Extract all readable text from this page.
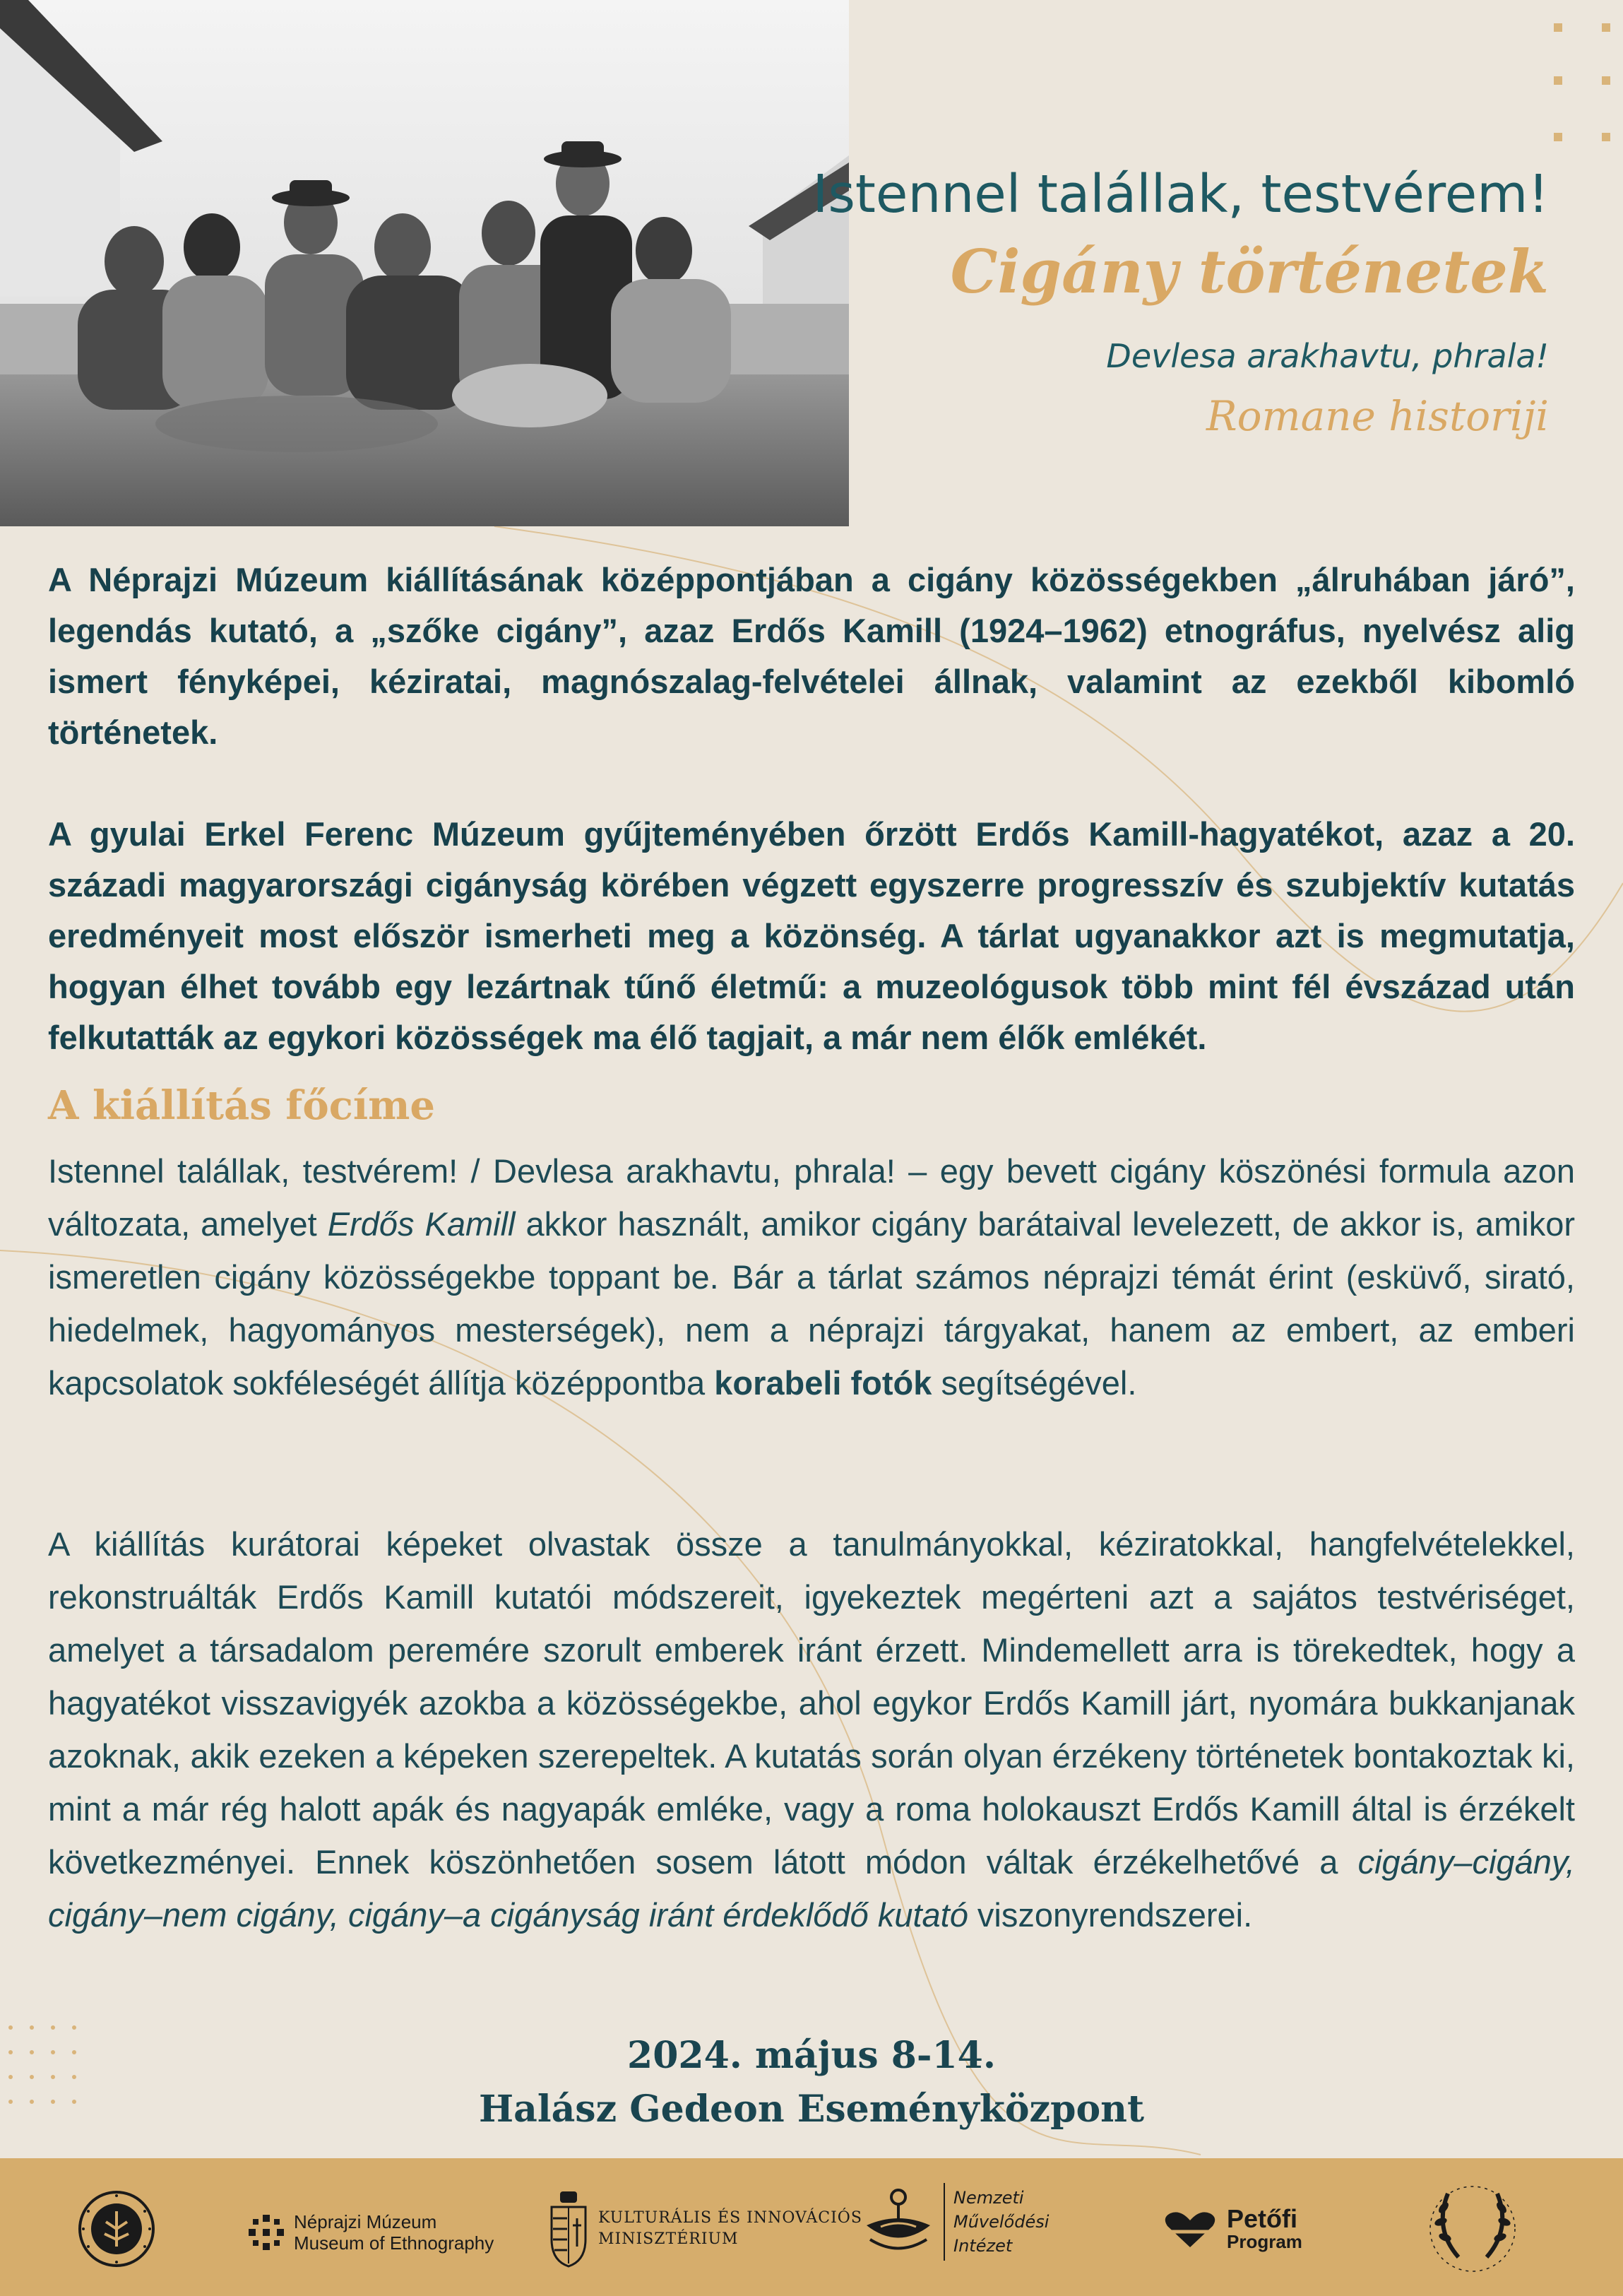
Istennel talállak, testvérem!
Cigány történetek
Devlesa arakhavtu, phrala!
Romane historiji

A Néprajzi Múzeum kiállításának középpontjában a cigány közösségekben „álruhában járó”, legendás kutató, a „szőke cigány”, azaz Erdős Kamill (1924–1962) etnográfus, nyelvész alig ismert fényképei, kéziratai, magnószalag-felvételei állnak, valamint az ezekből kibomló történetek.

A gyulai Erkel Ferenc Múzeum gyűjteményében őrzött Erdős Kamill-hagyatékot, azaz a 20. századi magyarországi cigányság körében végzett egyszerre progresszív és szubjektív kutatás eredményeit most először ismerheti meg a közönség. A tárlat ugyanakkor azt is megmutatja, hogyan élhet tovább egy lezártnak tűnő életmű: a muzeológusok több mint fél évszázad után felkutatták az egykori közösségek ma élő tagjait, a már nem élők emlékét.

A kiállítás főcíme

Istennel talállak, testvérem! / Devlesa arakhavtu, phrala! – egy bevett cigány köszönési formula azon változata, amelyet Erdős Kamill akkor használt, amikor cigány barátaival levelezett, de akkor is, amikor ismeretlen cigány közösségekbe toppant be. Bár a tárlat számos néprajzi témát érint (esküvő, sirató, hiedelmek, hagyományos mesterségek), nem a néprajzi tárgyakat, hanem az embert, az emberi kapcsolatok sokféleségét állítja középpontba korabeli fotók segítségével.

A kiállítás kurátorai képeket olvastak össze a tanulmányokkal, kéziratokkal, hangfelvételekkel, rekonstruálták Erdős Kamill kutatói módszereit, igyekeztek megérteni azt a sajátos testvériséget, amelyet a társadalom peremére szorult emberek iránt érzett. Mindemellett arra is törekedtek, hogy a hagyatékot visszavigyék azokba a közösségekbe, ahol egykor Erdős Kamill járt, nyomára bukkanjanak azoknak, akik ezeken a képeken szerepeltek. A kutatás során olyan érzékeny történetek bontakoztak ki, mint a már rég halott apák és nagyapák emléke, vagy a roma holokauszt Erdős Kamill által is érzékelt következményei. Ennek köszönhetően sosem látott módon váltak érzékelhetővé a cigány–cigány, cigány–nem cigány, cigány–a cigányság iránt érdeklődő kutató viszonyrendszerei.

2024. május 8-14.
Halász Gedeon Eseményközpont
Néprajzi Múzeum
Museum of Ethnography
KULTURÁLIS ÉS INNOVÁCIÓS
MINISZTÉRIUM
Nemzeti
Művelődési
Intézet
Petőfi
Program
